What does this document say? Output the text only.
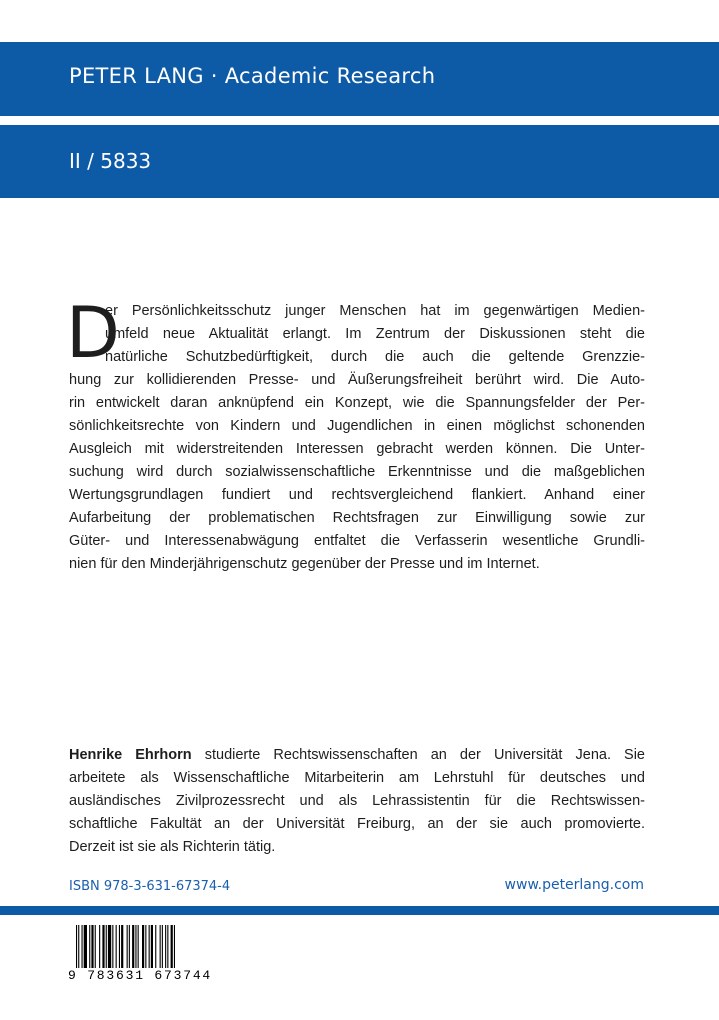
PETER LANG · Academic Research
II / 5833
D
er Persönlichkeitsschutz junger Menschen hat im gegenwärtigen Medien-
umfeld neue Aktualität erlangt. Im Zentrum der Diskussionen steht die
natürliche Schutzbedürftigkeit, durch die auch die geltende Grenzzie-
hung zur kollidierenden Presse- und Äußerungsfreiheit berührt wird. Die Auto-
rin entwickelt daran anknüpfend ein Konzept, wie die Spannungsfelder der Per-
sönlichkeitsrechte von Kindern und Jugendlichen in einen möglichst schonenden
Ausgleich mit widerstreitenden Interessen gebracht werden können. Die Unter-
suchung wird durch sozialwissenschaftliche Erkenntnisse und die maßgeblichen
Wertungsgrundlagen fundiert und rechtsvergleichend flankiert. Anhand einer
Aufarbeitung der problematischen Rechtsfragen zur Einwilligung sowie zur
Güter- und Interessenabwägung entfaltet die Verfasserin wesentliche Grundli-
nien für den Minderjährigenschutz gegenüber der Presse und im Internet.
Henrike Ehrhorn studierte Rechtswissenschaften an der Universität Jena. Sie
arbeitete als Wissenschaftliche Mitarbeiterin am Lehrstuhl für deutsches und
ausländisches Zivilprozessrecht und als Lehrassistentin für die Rechtswissen-
schaftliche Fakultät an der Universität Freiburg, an der sie auch promovierte.
Derzeit ist sie als Richterin tätig.
ISBN 978-3-631-67374-4	www.peterlang.com
9 783631 673744
